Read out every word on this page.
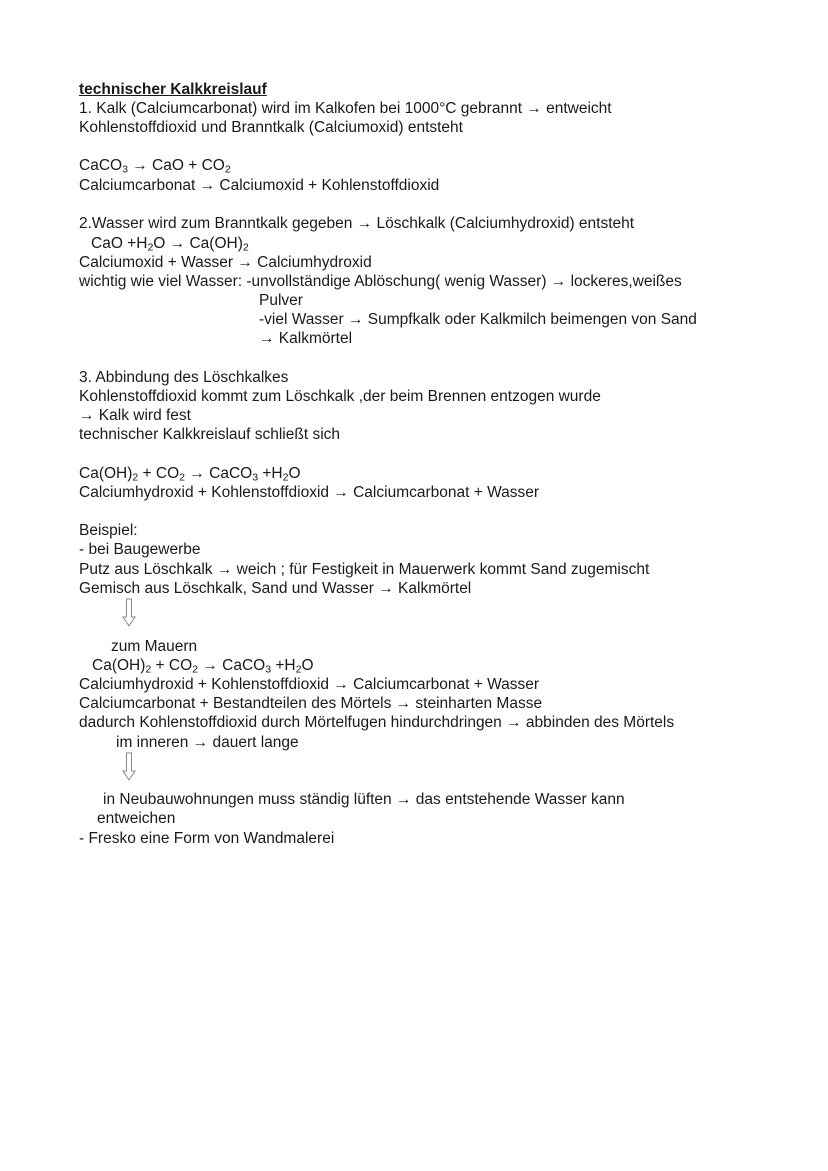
technischer Kalkkreislauf
1. Kalk (Calciumcarbonat) wird im Kalkofen bei 1000°C gebrannt → entweicht
Kohlenstoffdioxid und Branntkalk (Calciumoxid) entsteht
CaCO$_3$ → CaO + $CO_2$
Calciumcarbonat → Calciumoxid + Kohlenstoffdioxid
2.Wasser wird zum Branntkalk gegeben → Löschkalk (Calciumhydroxid) entsteht
CaO $+H_2O \to Ca(OH)_2$
Calciumoxid + Wasser → Calciumhydroxid
wichtig wie viel Wasser: -unvollständige Ablöschung( wenig Wasser) → lockeres,weißes
Pulver
-viel Wasser → Sumpfkalk oder Kalkmilch beimengen von Sand
→ Kalkmörtel
3. Abbindung des Löschkalkes
Kohlenstoffdioxid kommt zum Löschkalk ,der beim Brennen entzogen wurde
→ Kalk wird fest
technischer Kalkkreislauf schließt sich
$Ca(OH)_2 + CO_2$ → CaCO$_3$ $+H_2O$
Calciumhydroxid + Kohlenstoffdioxid → Calciumcarbonat + Wasser
Beispiel:
- bei Baugewerbe
Putz aus Löschkalk → weich ; für Festigkeit in Mauerwerk kommt Sand zugemischt
Gemisch aus Löschkalk, Sand und Wasser → Kalkmörtel
zum Mauern
$Ca(OH)_2 + CO_2$ → CaCO$_3$ $+H_2O$
Calciumhydroxid + Kohlenstoffdioxid → Calciumcarbonat + Wasser
Calciumcarbonat + Bestandteilen des Mörtels → steinharten Masse
dadurch Kohlenstoffdioxid durch Mörtelfugen hindurchdringen → abbinden des Mörtels
im inneren → dauert lange
in Neubauwohnungen muss ständig lüften → das entstehende Wasser kann
entweichen
- Fresko eine Form von Wandmalerei
